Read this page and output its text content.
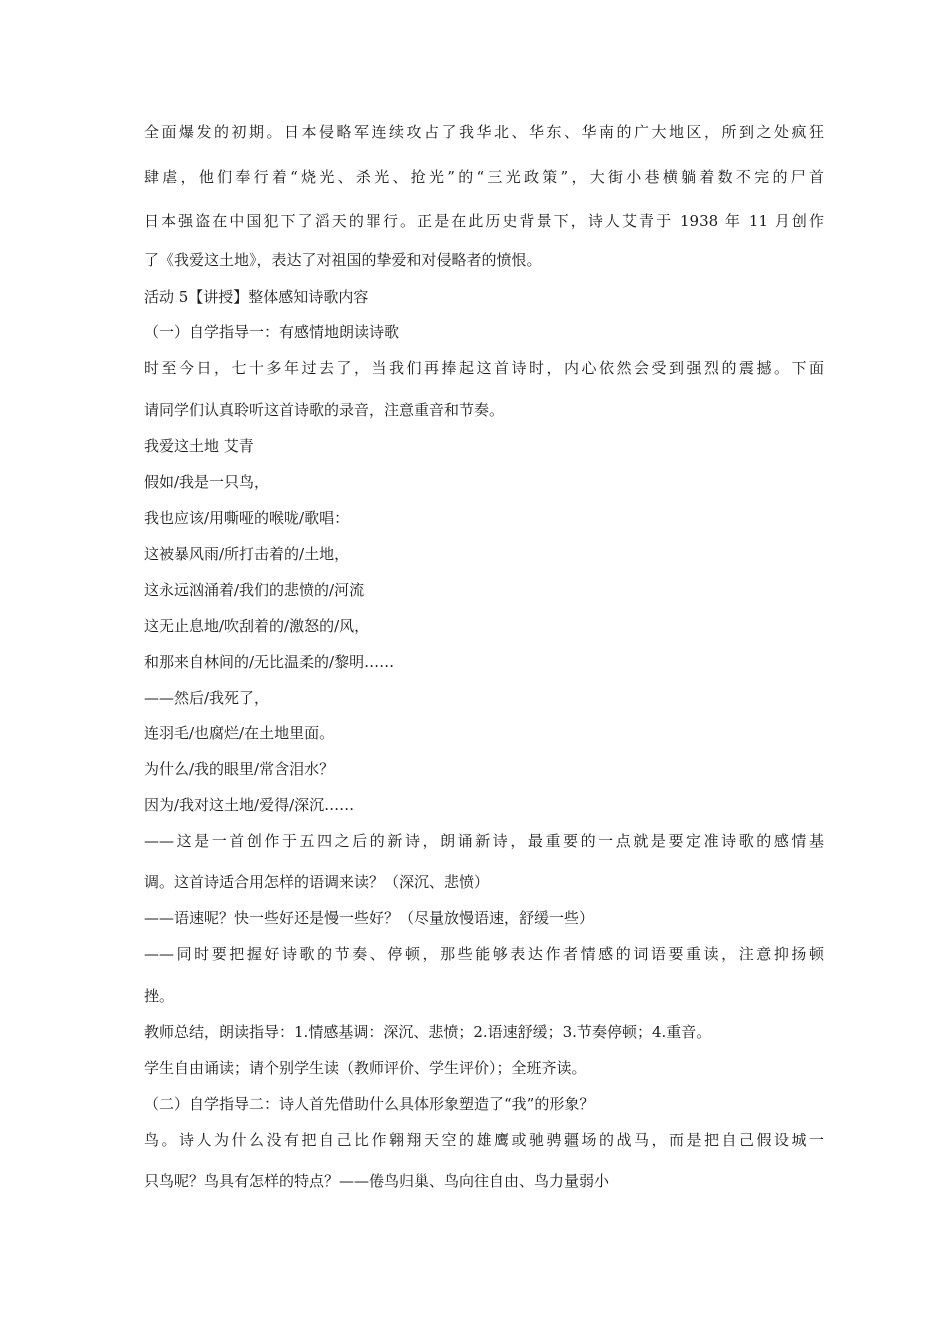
全面爆发的初期。日本侵略军连续攻占了我华北、华东、华南的广大地区，所到之处疯狂
肆虐，他们奉行着“烧光、杀光、抢光”的“三光政策”，大街小巷横躺着数不完的尸首
日本强盗在中国犯下了滔天的罪行。正是在此历史背景下，诗人艾青于 1938 年 11 月创作
了《我爱这土地》，表达了对祖国的挚爱和对侵略者的愤恨。
活动 5【讲授】整体感知诗歌内容
（一）自学指导一：有感情地朗读诗歌
时至今日，七十多年过去了，当我们再捧起这首诗时，内心依然会受到强烈的震撼。下面
请同学们认真聆听这首诗歌的录音，注意重音和节奏。
我爱这土地 艾青
假如/我是一只鸟，
我也应该/用嘶哑的喉咙/歌唱：
这被暴风雨/所打击着的/土地，
这永远汹涌着/我们的悲愤的/河流
这无止息地/吹刮着的/激怒的/风，
和那来自林间的/无比温柔的/黎明……
——然后/我死了，
连羽毛/也腐烂/在土地里面。
为什么/我的眼里/常含泪水？
因为/我对这土地/爱得/深沉……
——这是一首创作于五四之后的新诗，朗诵新诗，最重要的一点就是要定准诗歌的感情基
调。这首诗适合用怎样的语调来读？（深沉、悲愤）
——语速呢？快一些好还是慢一些好？（尽量放慢语速，舒缓一些）
——同时要把握好诗歌的节奏、停顿，那些能够表达作者情感的词语要重读，注意抑扬顿
挫。
教师总结，朗读指导：1.情感基调：深沉、悲愤；2.语速舒缓；3.节奏停顿；4.重音。
学生自由诵读；请个别学生读（教师评价、学生评价）；全班齐读。
（二）自学指导二：诗人首先借助什么具体形象塑造了“我”的形象？
鸟。诗人为什么没有把自己比作翱翔天空的雄鹰或驰骋疆场的战马，而是把自己假设城一
只鸟呢？鸟具有怎样的特点？——倦鸟归巢、鸟向往自由、鸟力量弱小
